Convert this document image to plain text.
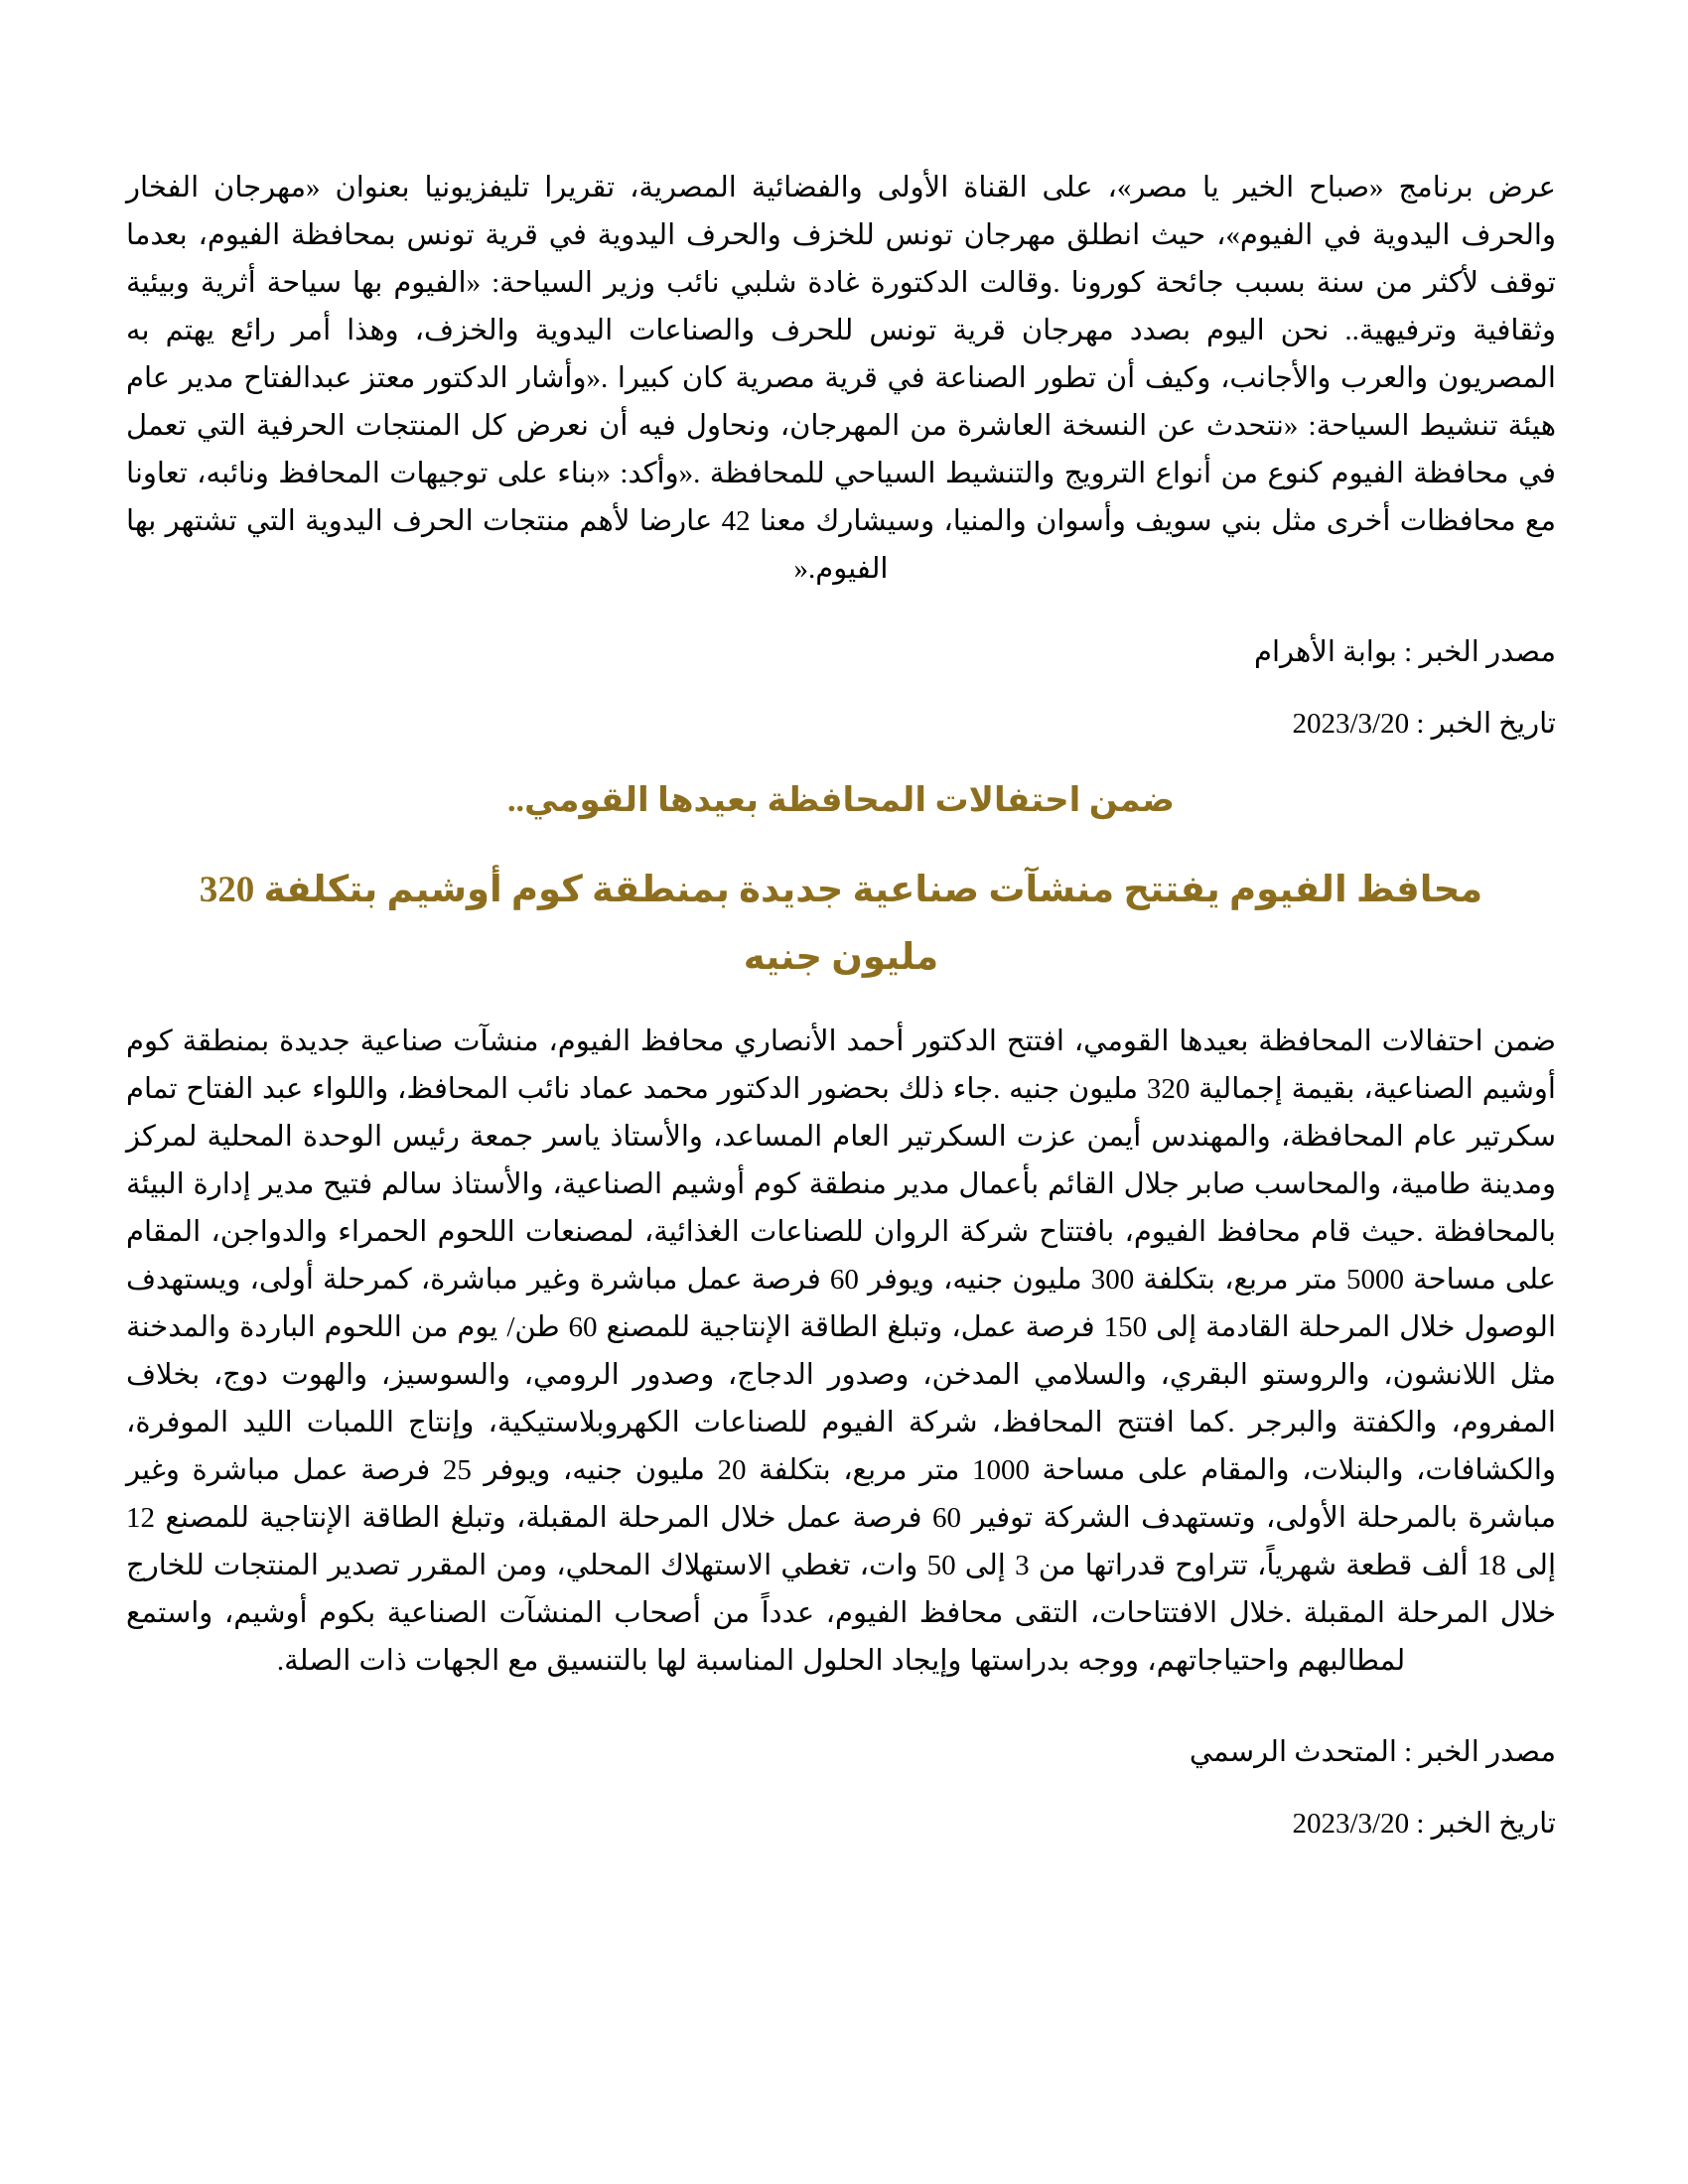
عرض برنامج «صباح الخير يا مصر»، على القناة الأولى والفضائية المصرية، تقريرا تليفزيونيا بعنوان «مهرجان الفخار والحرف اليدوية في الفيوم»، حيث انطلق مهرجان تونس للخزف والحرف اليدوية في قرية تونس بمحافظة الفيوم، بعدما توقف لأكثر من سنة بسبب جائحة كورونا .وقالت الدكتورة غادة شلبي نائب وزير السياحة: «الفيوم بها سياحة أثرية وبيئية وثقافية وترفيهية.. نحن اليوم بصدد مهرجان قرية تونس للحرف والصناعات اليدوية والخزف، وهذا أمر رائع يهتم به المصريون والعرب والأجانب، وكيف أن تطور الصناعة في قرية مصرية كان كبيرا .«وأشار الدكتور معتز عبدالفتاح مدير عام هيئة تنشيط السياحة: «نتحدث عن النسخة العاشرة من المهرجان، ونحاول فيه أن نعرض كل المنتجات الحرفية التي تعمل في محافظة الفيوم كنوع من أنواع الترويج والتنشيط السياحي للمحافظة .«وأكد: «بناء على توجيهات المحافظ ونائبه، تعاونا مع محافظات أخرى مثل بني سويف وأسوان والمنيا، وسيشارك معنا 42 عارضا لأهم منتجات الحرف اليدوية التي تشتهر بها الفيوم.«

مصدر الخبر : بوابة الأهرام

تاريخ الخبر : 2023/3/20

ضمن احتفالات المحافظة بعيدها القومي..
محافظ الفيوم يفتتح منشآت صناعية جديدة بمنطقة كوم أوشيم بتكلفة 320 مليون جنيه

ضمن احتفالات المحافظة بعيدها القومي، افتتح الدكتور أحمد الأنصاري محافظ الفيوم، منشآت صناعية جديدة بمنطقة كوم أوشيم الصناعية، بقيمة إجمالية 320 مليون جنيه .جاء ذلك بحضور الدكتور محمد عماد نائب المحافظ، واللواء عبد الفتاح تمام سكرتير عام المحافظة، والمهندس أيمن عزت السكرتير العام المساعد، والأستاذ ياسر جمعة رئيس الوحدة المحلية لمركز ومدينة طامية، والمحاسب صابر جلال القائم بأعمال مدير منطقة كوم أوشيم الصناعية، والأستاذ سالم فتيح مدير إدارة البيئة بالمحافظة .حيث قام محافظ الفيوم، بافتتاح شركة الروان للصناعات الغذائية، لمصنعات اللحوم الحمراء والدواجن، المقام على مساحة 5000 متر مربع، بتكلفة 300 مليون جنيه، ويوفر 60 فرصة عمل مباشرة وغير مباشرة، كمرحلة أولى، ويستهدف الوصول خلال المرحلة القادمة إلى 150 فرصة عمل، وتبلغ الطاقة الإنتاجية للمصنع 60 طن/ يوم من اللحوم الباردة والمدخنة مثل اللانشون، والروستو البقري، والسلامي المدخن، وصدور الدجاج، وصدور الرومي، والسوسيز، والهوت دوج، بخلاف المفروم، والكفتة والبرجر .كما افتتح المحافظ، شركة الفيوم للصناعات الكهروبلاستيكية، وإنتاج اللمبات الليد الموفرة، والكشافات، والبنلات، والمقام على مساحة 1000 متر مربع، بتكلفة 20 مليون جنيه، ويوفر 25 فرصة عمل مباشرة وغير مباشرة بالمرحلة الأولى، وتستهدف الشركة توفير 60 فرصة عمل خلال المرحلة المقبلة، وتبلغ الطاقة الإنتاجية للمصنع 12 إلى 18 ألف قطعة شهرياً، تتراوح قدراتها من 3 إلى 50 وات، تغطي الاستهلاك المحلي، ومن المقرر تصدير المنتجات للخارج خلال المرحلة المقبلة .خلال الافتتاحات، التقى محافظ الفيوم، عدداً من أصحاب المنشآت الصناعية بكوم أوشيم، واستمع لمطالبهم واحتياجاتهم، ووجه بدراستها وإيجاد الحلول المناسبة لها بالتنسيق مع الجهات ذات الصلة.

مصدر الخبر : المتحدث الرسمي

تاريخ الخبر : 2023/3/20
